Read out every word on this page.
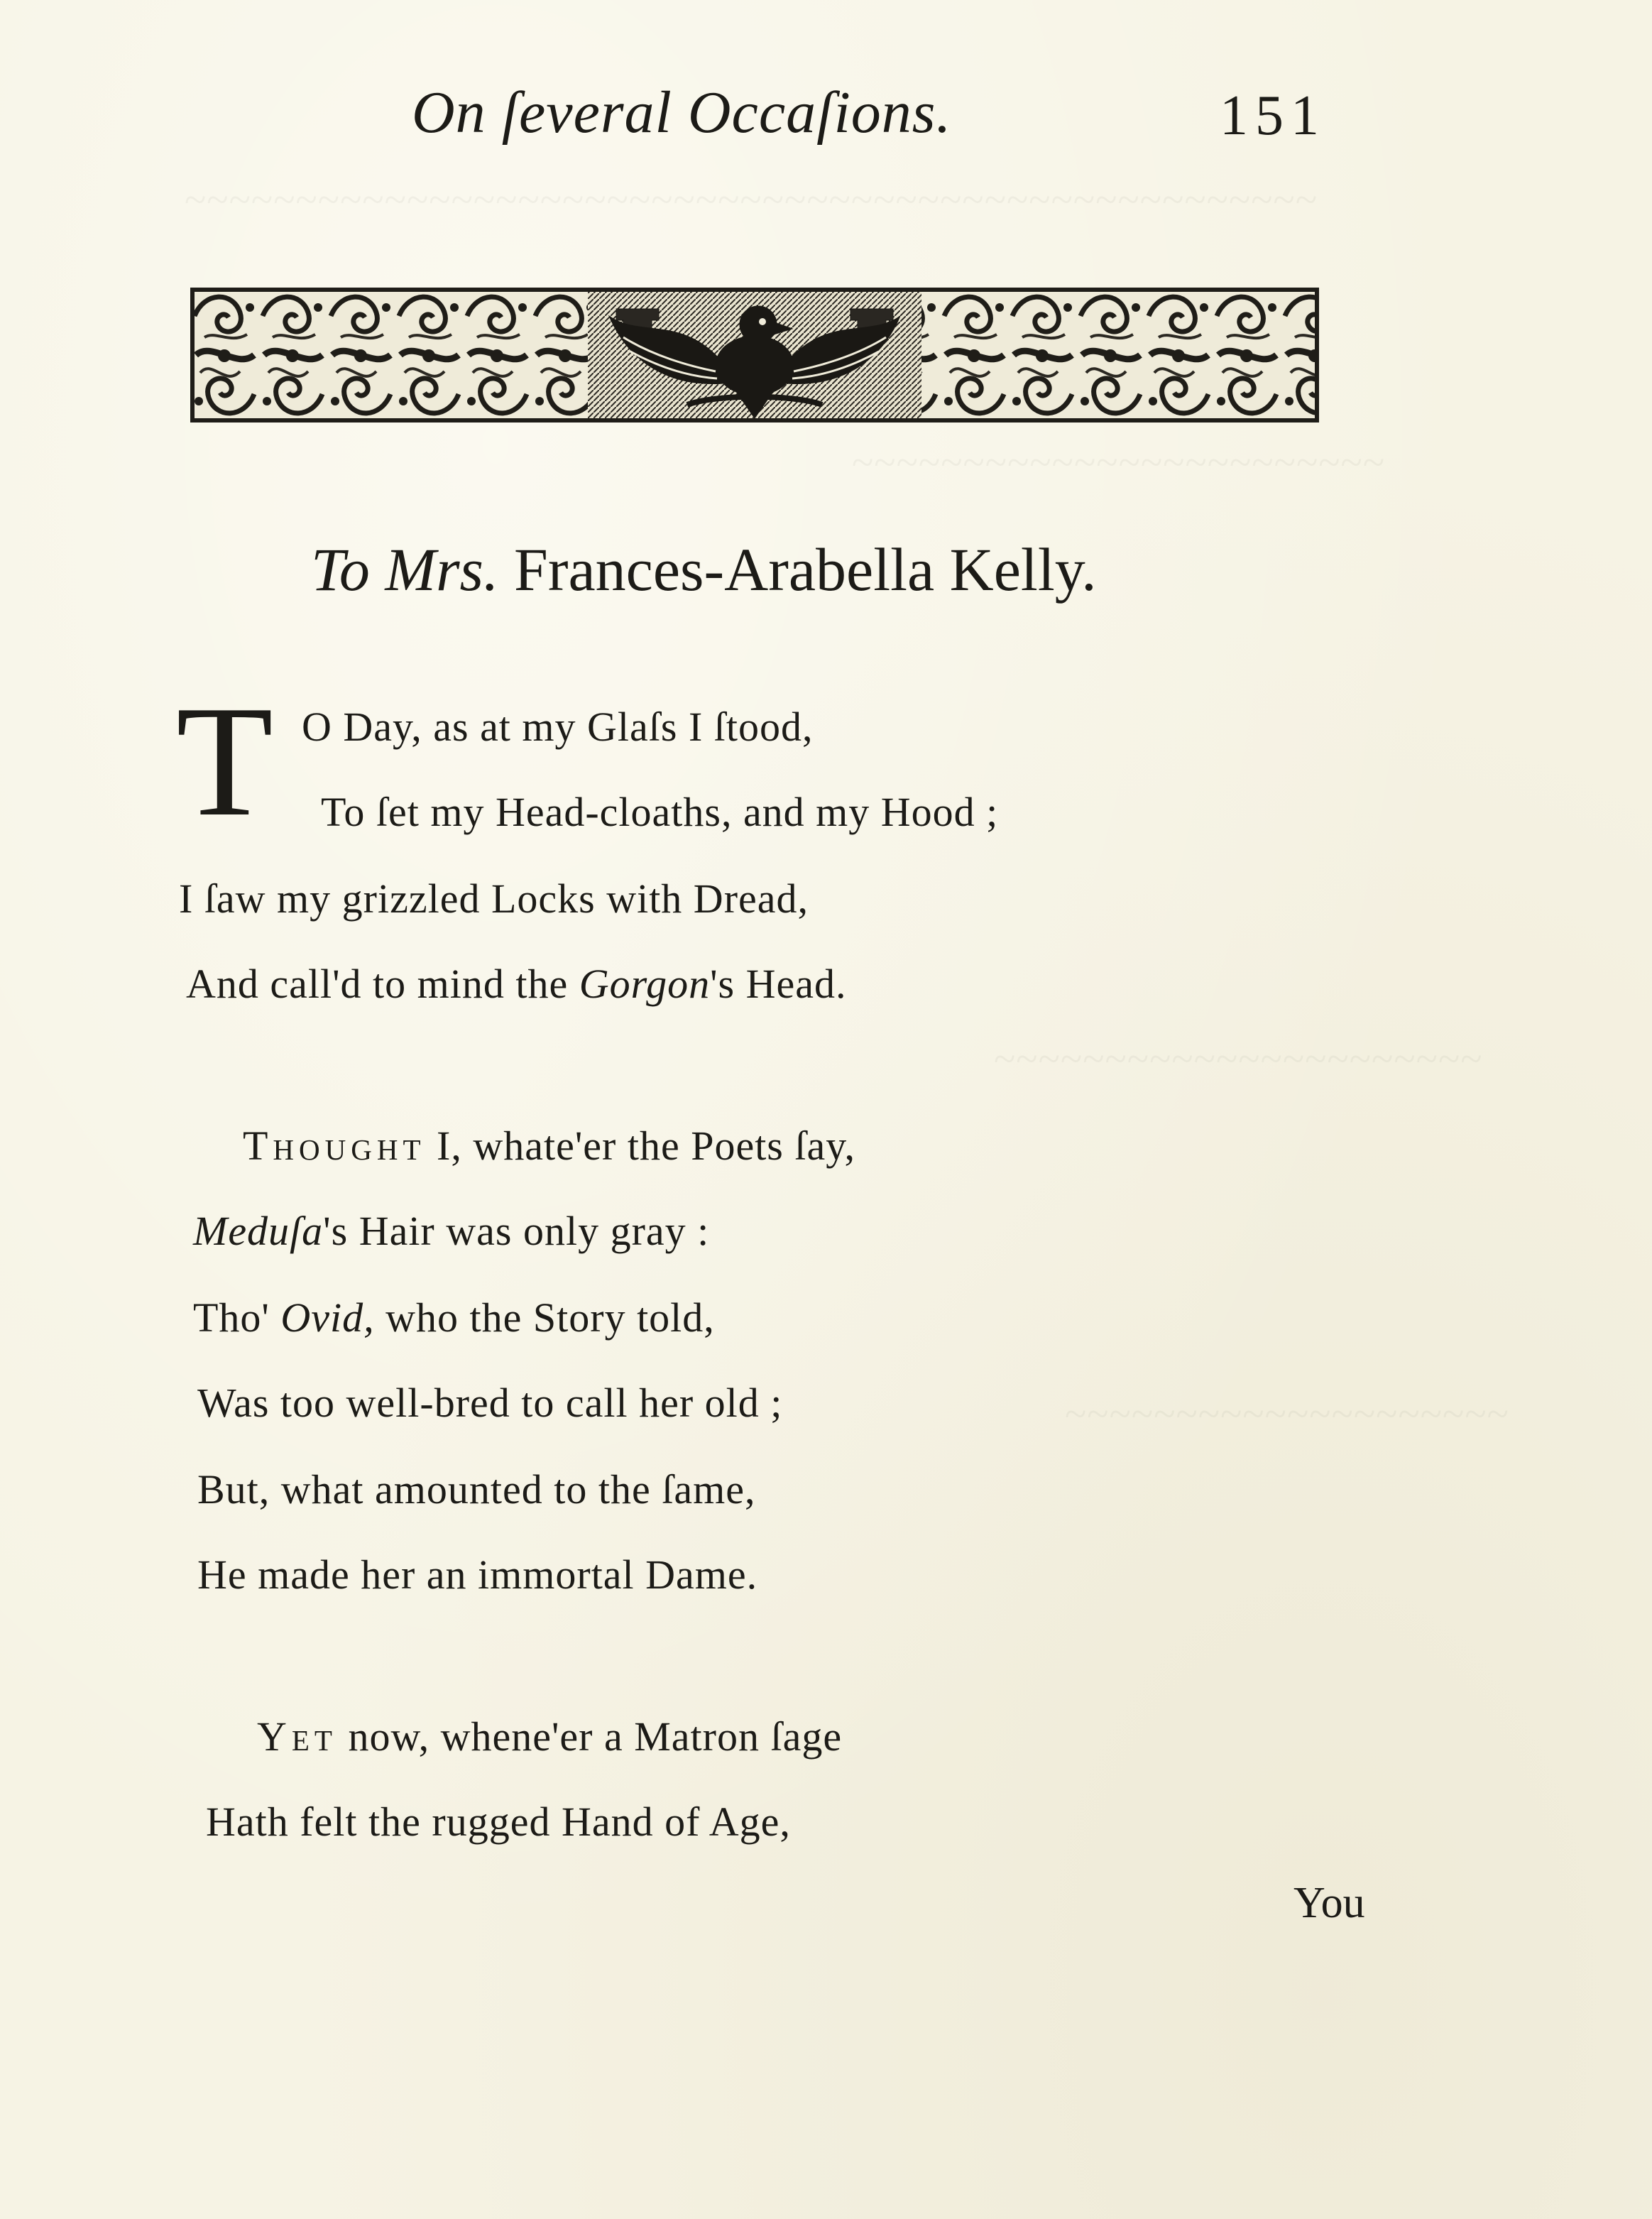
~~~~~~~~~~~~~~~~~~~~~~~~~~~~~~~~~~~~~~~~~~~~~~~~~~~
~~~~~~~~~~~~~~~~~~~~~~~~
~~~~~~~~~~~~~~~~~~~~~~
~~~~~~~~~~~~~~~~~~~~
On ſeveral Occaſions.	151
To Mrs. Frances-Arabella Kelly.
T O Day, as at my Glaſs I ſtood,
To ſet my Head-cloaths, and my Hood ;
I ſaw my grizzled Locks with Dread,
And call'd to mind the Gorgon's Head.
Thought I, whate'er the Poets ſay,
Meduſa's Hair was only gray :
Tho' Ovid, who the Story told,
Was too well-bred to call her old ;
But, what amounted to the ſame,
He made her an immortal Dame.
Yet now, whene'er a Matron ſage
Hath felt the rugged Hand of Age,
You
